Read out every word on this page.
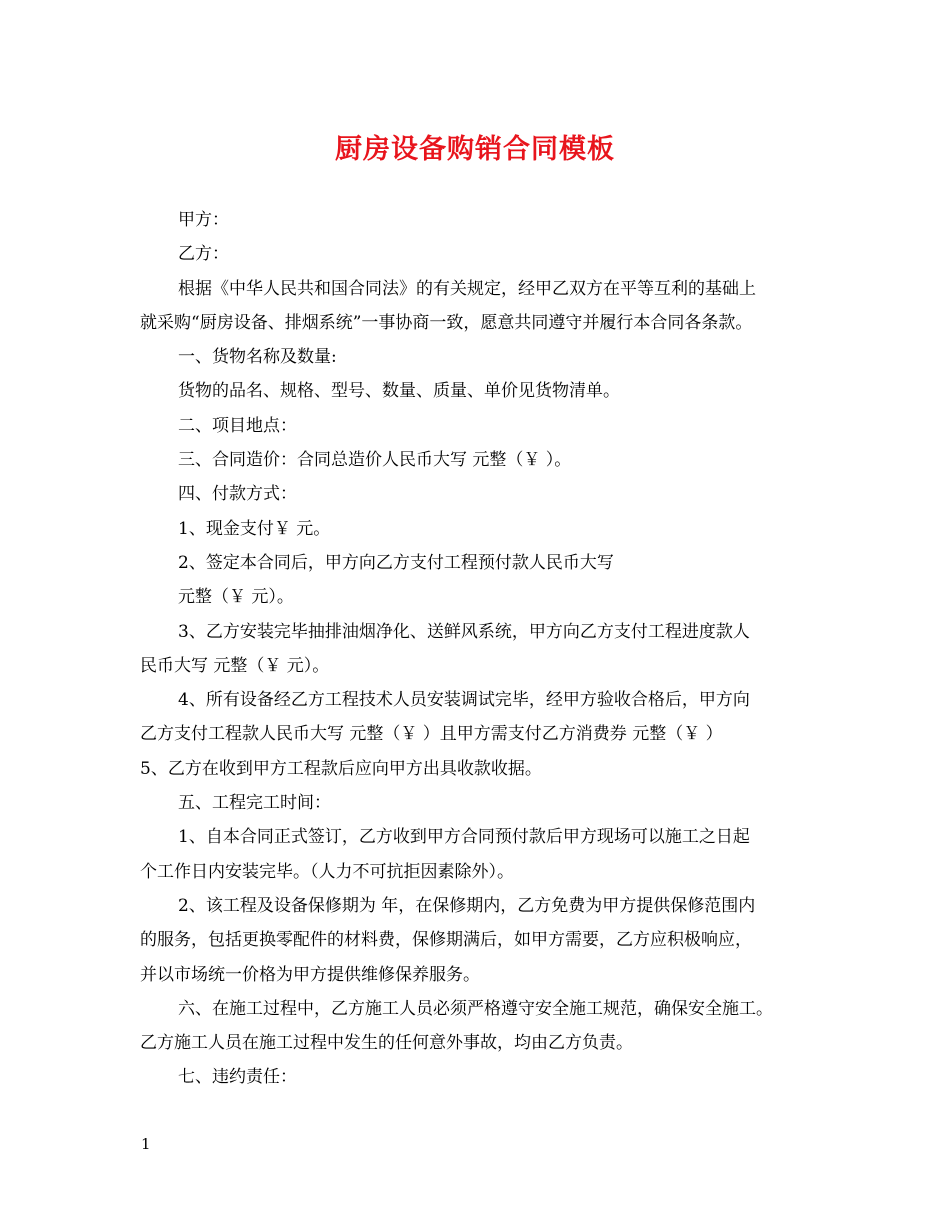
厨房设备购销合同模板
甲方：
乙方：
根据《中华人民共和国合同法》的有关规定，经甲乙双方在平等互利的基础上
就采购“厨房设备、排烟系统”一事协商一致，愿意共同遵守并履行本合同各条款。
一、货物名称及数量:
货物的品名、规格、型号、数量、质量、单价见货物清单。
二、项目地点：
三、合同造价：合同总造价人民币大写 元整（￥ ）。
四、付款方式：
1、现金支付￥ 元。
2、签定本合同后，甲方向乙方支付工程预付款人民币大写
元整（￥ 元）。
3、乙方安装完毕抽排油烟净化、送鲜风系统，甲方向乙方支付工程进度款人
民币大写 元整（￥ 元）。
4、所有设备经乙方工程技术人员安装调试完毕，经甲方验收合格后，甲方向
乙方支付工程款人民币大写 元整（￥ ）且甲方需支付乙方消费券 元整（￥ ）
5、乙方在收到甲方工程款后应向甲方出具收款收据。
五、工程完工时间：
1、自本合同正式签订，乙方收到甲方合同预付款后甲方现场可以施工之日起
个工作日内安装完毕。（人力不可抗拒因素除外）。
2、该工程及设备保修期为 年，在保修期内，乙方免费为甲方提供保修范围内
的服务，包括更换零配件的材料费，保修期满后，如甲方需要，乙方应积极响应，
并以市场统一价格为甲方提供维修保养服务。
六、在施工过程中，乙方施工人员必须严格遵守安全施工规范，确保安全施工。
乙方施工人员在施工过程中发生的任何意外事故，均由乙方负责。
七、违约责任：
1
